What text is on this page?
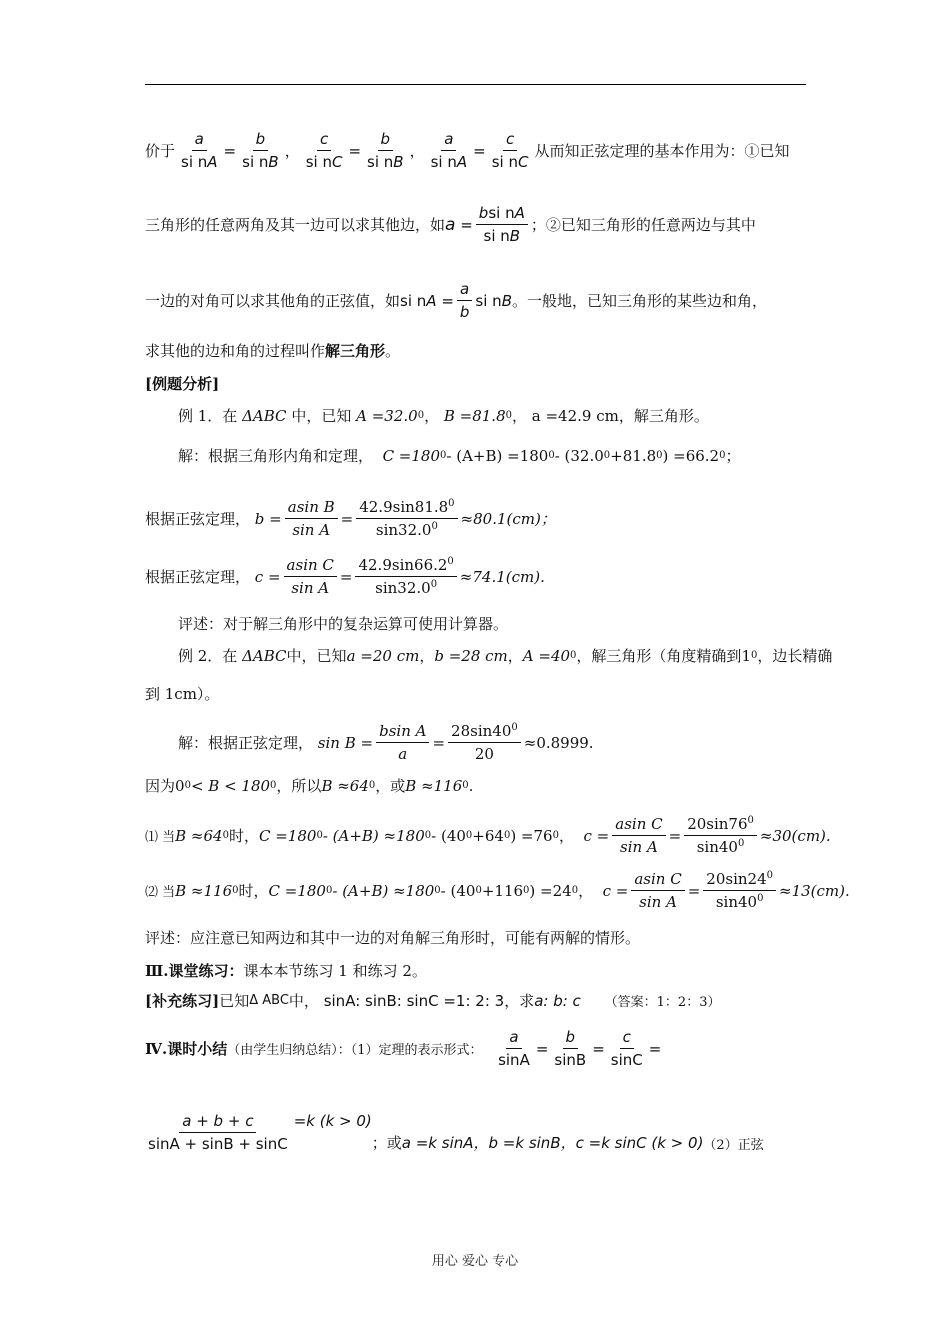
价于 $\frac{a}{\text{si nA}} = \frac{b}{\text{si nB}}$ ， $\frac{c}{\text{si nC}} = \frac{b}{\text{si nB}}$ ， $\frac{a}{\text{si nA}} = \frac{c}{\text{si nC}}$ 从而知正弦定理的基本作用为：①已知
三角形的任意两角及其一边可以求其他边，如 $a = \frac{\text{bsi nA}}{\text{si nB}}$ ；②已知三角形的任意两边与其中
一边的对角可以求其他角的正弦值，如 si nA = $\frac{a}{b}$ si nB 。一般地，已知三角形的某些边和角，
求其他的边和角的过程叫作 解三角形 。
[例题分析]
例 1．在
ΔABC
中，已知
A =32.0 0 ， B =81.8 0 ， a =42.9 cm ，解三角形。
解：根据三角形内角和定理，
C =180 0 - (A+B) =180 0 - (32.0 0 +81.8 0 ) =66.2 0 ；
根据正弦定理，
$b = \frac{\text{asin B}}{\text{sin A}} = \frac{42.9\sin 81.8^0}{\sin 32.0^0} \approx 80.1(cm)$；
根据正弦定理，
$c = \frac{\text{asin C}}{\text{sin A}} = \frac{42.9\sin 66.2^0}{\sin 32.0^0} \approx 74.1(cm)$.
评述：对于解三角形中的复杂运算可使用计算器。
例 2．在
ΔABC 中，已知 a =20 cm ， b =28 cm ， A =40 0 ，解三角形（角度精确到 1 0 ，边长精确
到 1cm）。
解：根据正弦定理，
$\sin B = \frac{\text{bsin A}}{a} = \frac{28\sin 40^0}{20} \approx 0.8999$.
因为 0 0 < B < 180 0 ，所以 B ≈64 0 ，或 B ≈116 0 .
⑴ 当 B ≈64 0 时， C =180 0 - (A+B) ≈180 0 - (40 0 +64 0 ) =76 0 ， $c = \frac{\text{asin C}}{\text{sin A}} = \frac{20\sin 76^0}{\sin 40^0} \approx 30(cm)$.
⑵ 当 B ≈116 0 时， C =180 0 - (A+B) ≈180 0 - (40 0 +116 0 ) =24 0 ， $c = \frac{\text{asin C}}{\text{sin A}} = \frac{20\sin 24^0}{\sin 40^0} \approx 13(cm)$.
评述：应注意已知两边和其中一边的对角解三角形时，可能有两解的情形。
Ⅲ.课堂练习： 课本本节练习 1 和练习 2。
[补充练习] 已知 Δ ABC 中，
sinA: sinB: sinC =1: 2: 3 ，求 a: b: c
（答案：1：2：3）
Ⅳ.课时小结 （由学生归纳总结）：（1）定理的表示形式：
$\frac{a}{\sin A} = \frac{b}{\sin B} = \frac{c}{\sin C}$ =
$\frac{a + b + c}{\sin A + \sin B + \sin C} =k$ (k > 0)
；或 a =k sinA，b =k sinB，c =k sinC (k > 0) （2）正弦
用心 爱心 专心
